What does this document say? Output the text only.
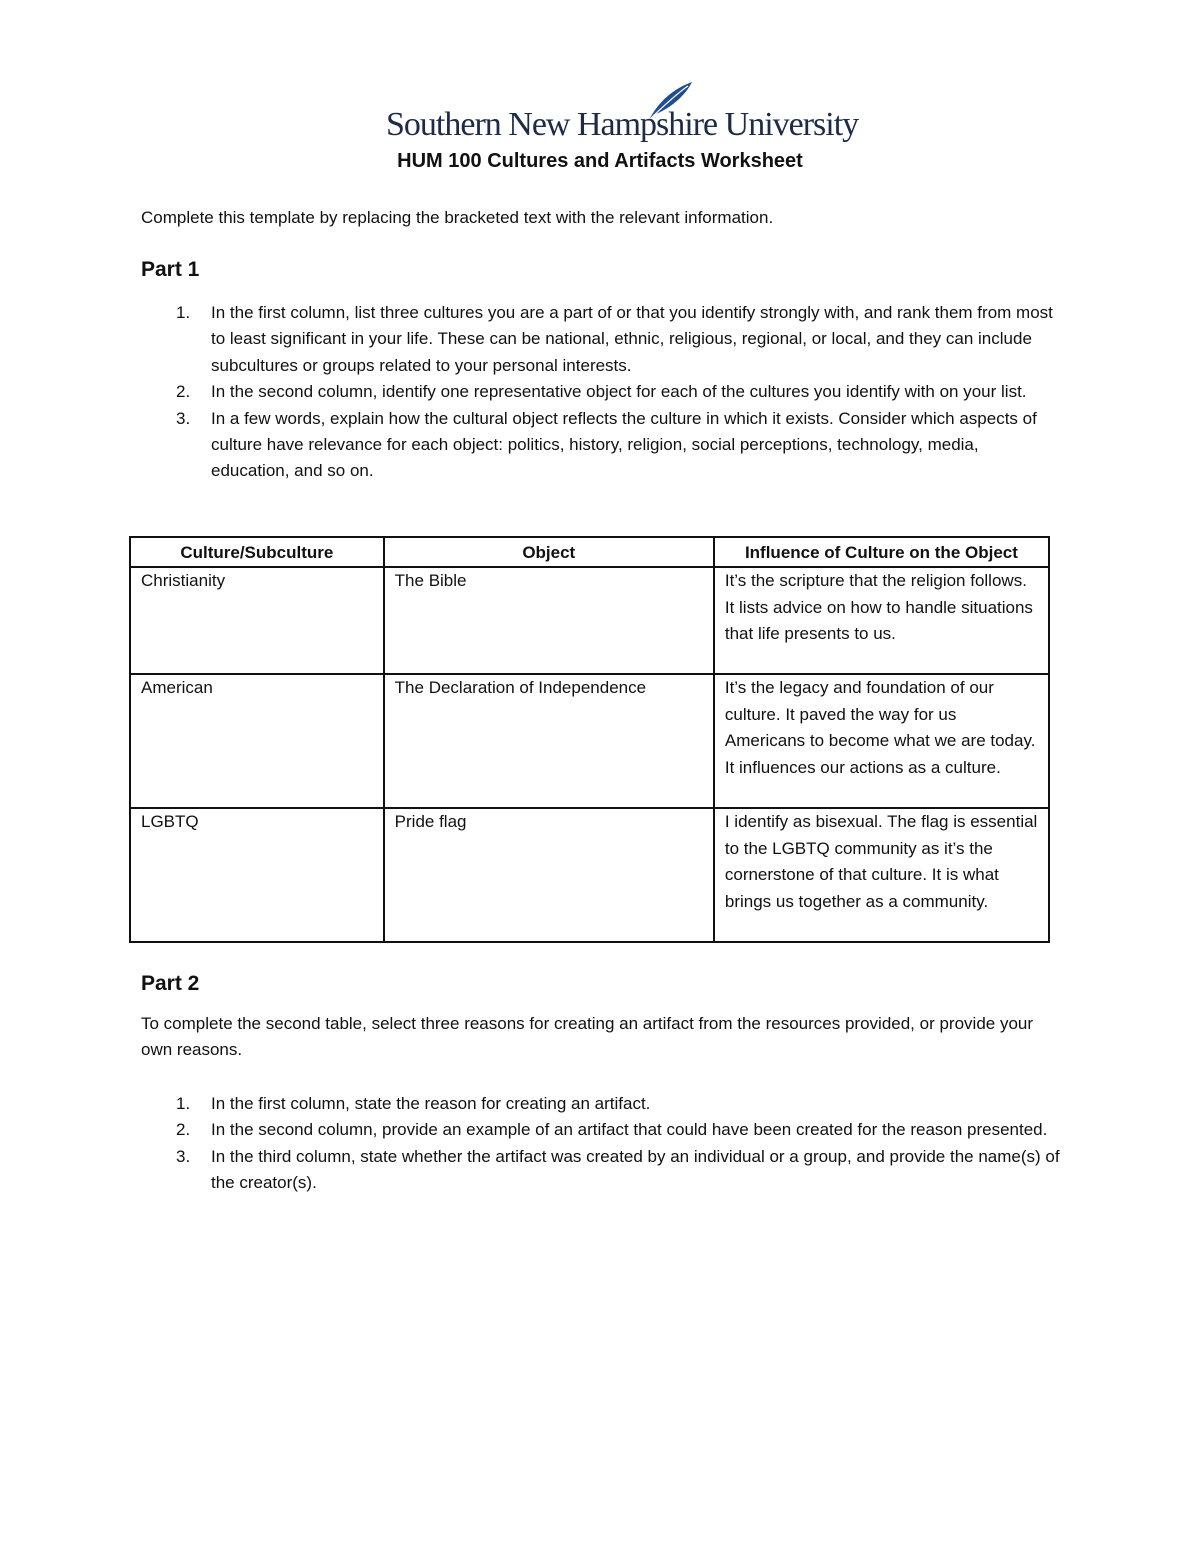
Southern New Hampshire University
HUM 100 Cultures and Artifacts Worksheet
Complete this template by replacing the bracketed text with the relevant information.
Part 1
1. In the first column, list three cultures you are a part of or that you identify strongly with, and rank them from most to least significant in your life. These can be national, ethnic, religious, regional, or local, and they can include subcultures or groups related to your personal interests.
2. In the second column, identify one representative object for each of the cultures you identify with on your list.
3. In a few words, explain how the cultural object reflects the culture in which it exists. Consider which aspects of culture have relevance for each object: politics, history, religion, social perceptions, technology, media, education, and so on.
Culture/Subculture	Object	Influence of Culture on the Object
Christianity	The Bible	It’s the scripture that the religion follows. It lists advice on how to handle situations that life presents to us.
American	The Declaration of Independence	It’s the legacy and foundation of our culture. It paved the way for us Americans to become what we are today. It influences our actions as a culture.
LGBTQ	Pride flag	I identify as bisexual. The flag is essential to the LGBTQ community as it’s the cornerstone of that culture. It is what brings us together as a community.
Part 2
To complete the second table, select three reasons for creating an artifact from the resources provided, or provide your own reasons.
1. In the first column, state the reason for creating an artifact.
2. In the second column, provide an example of an artifact that could have been created for the reason presented.
3. In the third column, state whether the artifact was created by an individual or a group, and provide the name(s) of the creator(s).
